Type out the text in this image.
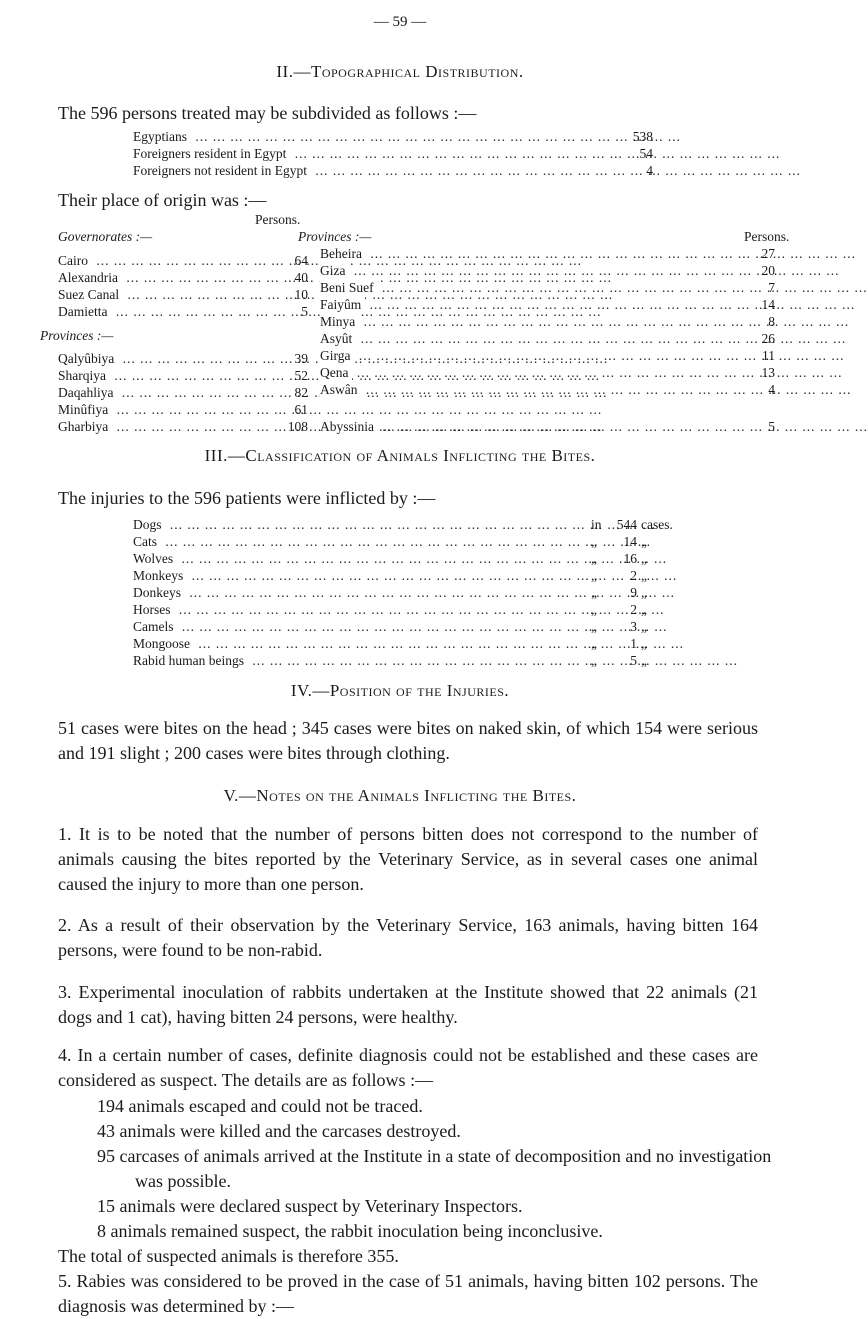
— 59 —
II.—Topographical Distribution.
The 596 persons treated may be subdivided as follows :—
Egyptians ... .	538
Foreigners resident in Egypt ... .	54
Foreigners not resident in Egypt ... .	4
Their place of origin was :—
Persons.
Persons.
Governorates :—
Cairo ... .	64
Alexandria ... .	40
Suez Canal ... .	10
Damietta ... .	5
Provinces :—
Qalyûbiya ... .	39
Sharqiya ... .	52
Daqahliya ... .	82
Minûfiya ... .	61
Gharbiya ... .	108
Provinces :—
Beheira ... .	27
Giza ... .	20
Beni Suef ... .	7
Faiyûm ... .	14
Minya ... .	8
Asyût ... .	26
Girga ... .	11
Qena ... .	13
Aswân ... .	4
Abyssinia ... .	5
III.—Classification of Animals Inflicting the Bites.
The injuries to the 596 patients were inflicted by :—
Dogs ... .	in	544 cases.
Cats ... .	„	14 „
Wolves ... .	„	16 „
Monkeys ... .	„	2 „
Donkeys ... .	„	9 „
Horses ... .	„	2 „
Camels ... .	„	3 „
Mongoose ... .	„	1 „
Rabid human beings ... .	„	5 „
IV.—Position of the Injuries.
51 cases were bites on the head ; 345 cases were bites on naked skin, of which 154 were serious and 191 slight ; 200 cases were bites through clothing.
V.—Notes on the Animals Inflicting the Bites.
1. It is to be noted that the number of persons bitten does not correspond to the number of animals causing the bites reported by the Veterinary Service, as in several cases one animal caused the injury to more than one person.
2. As a result of their observation by the Veterinary Service, 163 animals, having bitten 164 persons, were found to be non-rabid.
3. Experimental inoculation of rabbits undertaken at the Institute showed that 22 animals (21 dogs and 1 cat), having bitten 24 persons, were healthy.
4. In a certain number of cases, definite diagnosis could not be established and these cases are considered as suspect. The details are as follows :—
194 animals escaped and could not be traced.
43 animals were killed and the carcases destroyed.
95 carcases of animals arrived at the Institute in a state of decomposition and no investigation was possible.
15 animals were declared suspect by Veterinary Inspectors.
8 animals remained suspect, the rabbit inoculation being inconclusive.
The total of suspected animals is therefore 355.
5. Rabies was considered to be proved in the case of 51 animals, having bitten 102 persons. The diagnosis was determined by :—
